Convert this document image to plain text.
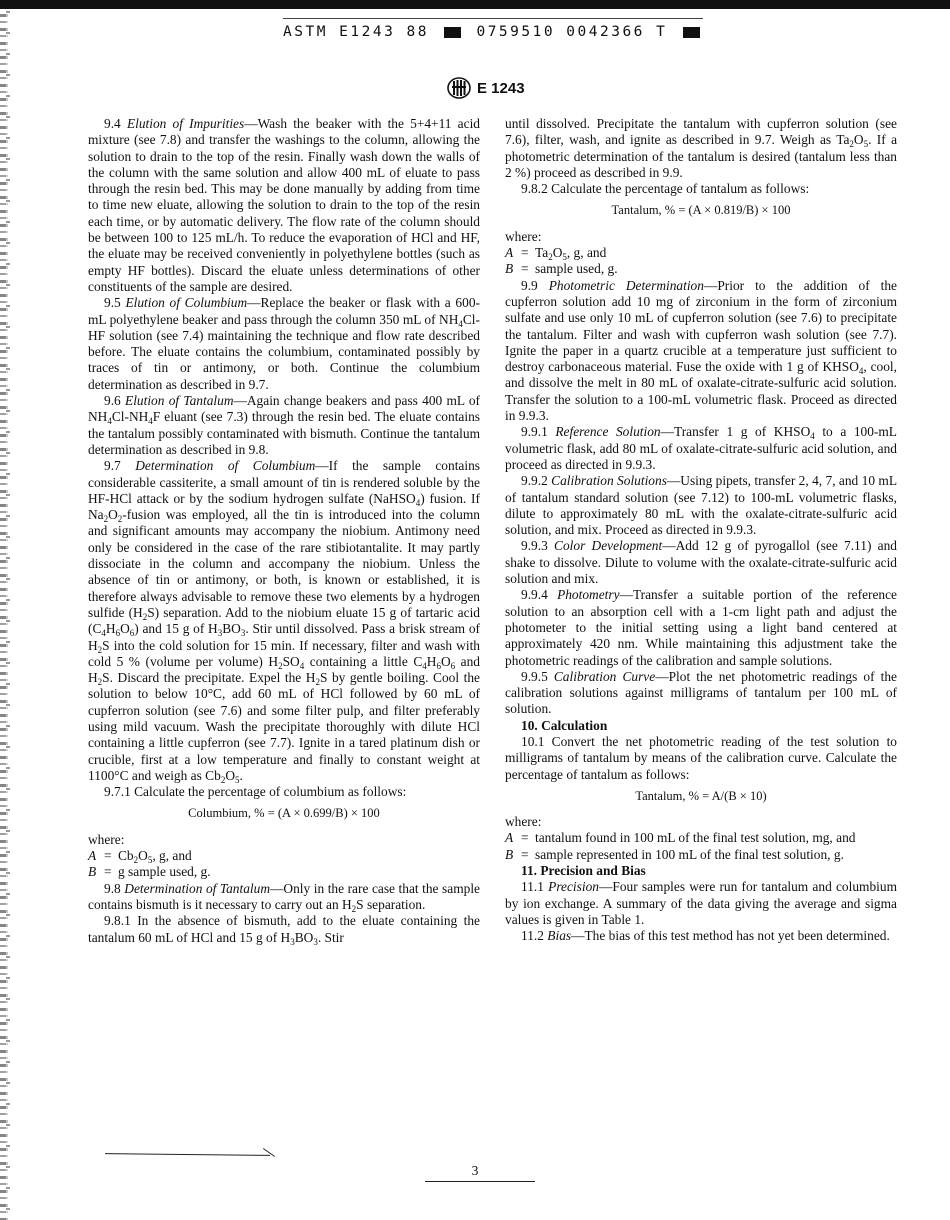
ASTM E1243 88	0759510 0042366 T
E 1243

9.4 Elution of Impurities—Wash the beaker with the 5+4+11 acid mixture (see 7.8) and transfer the washings to the column, allowing the solution to drain to the top of the resin. Finally wash down the walls of the column with the same solution and allow 400 mL of eluate to pass through the resin bed. This may be done manually by adding from time to time new eluate, allowing the solution to drain to the top of the resin each time, or by automatic delivery. The flow rate of the column should be between 100 to 125 mL/h. To reduce the evaporation of HCl and HF, the eluate may be received conveniently in polyethylene bottles (such as empty HF bottles). Discard the eluate unless determinations of other constituents of the sample are desired.

9.5 Elution of Columbium—Replace the beaker or flask with a 600-mL polyethylene beaker and pass through the column 350 mL of $NH_4Cl-HF$ solution (see 7.4) maintaining the technique and flow rate described before. The eluate contains the columbium, contaminated possibly by traces of tin or antimony, or both. Continue the columbium determination as described in 9.7.

9.6 Elution of Tantalum—Again change beakers and pass 400 mL of $NH_4Cl-NH_4F$ eluant (see 7.3) through the resin bed. The eluate contains the tantalum possibly contaminated with bismuth. Continue the tantalum determination as described in 9.8.

9.7 Determination of Columbium—If the sample contains considerable cassiterite, a small amount of tin is rendered soluble by the HF-HCl attack or by the sodium hydrogen sulfate (NaHSO$_4$) fusion. If $Na_2O_2$-fusion was employed, all the tin is introduced into the column and significant amounts may accompany the niobium. Antimony need only be considered in the case of the rare stibiotantalite. It may partly dissociate in the column and accompany the niobium. Unless the absence of tin or antimony, or both, is known or established, it is therefore always advisable to remove these two elements by a hydrogen sulfide $(H_2S)$ separation. Add to the niobium eluate 15 g of tartaric acid $(C_4H_6O_6)$ and 15 g of $H_3BO_3$. Stir until dissolved. Pass a brisk stream of $H_2S$ into the cold solution for 15 min. If necessary, filter and wash with cold 5 % (volume per volume) $H_2SO_4$ containing a little $C_4H_6O_6$ and $H_2S$. Discard the precipitate. Expel the $H_2S$ by gentle boiling. Cool the solution to below 10°C, add 60 mL of HCl followed by 60 mL of cupferron solution (see 7.6) and some filter pulp, and filter preferably using mild vacuum. Wash the precipitate thoroughly with dilute HCl containing a little cupferron (see 7.7). Ignite in a tared platinum dish or crucible, first at a low temperature and finally to constant weight at 1100°C and weigh as $Cb_2O_5$.

9.7.1 Calculate the percentage of columbium as follows:

Columbium, % = (A × 0.699/B) × 100

where:

$A = Cb_2O_5$, g, and
B = g sample used, g.

9.8 Determination of Tantalum—Only in the rare case that the sample contains bismuth is it necessary to carry out an $H_2S$ separation.

9.8.1 In the absence of bismuth, add to the eluate containing the tantalum 60 mL of HCl and 15 g of $H_3BO_3$. Stir

until dissolved. Precipitate the tantalum with cupferron solution (see 7.6), filter, wash, and ignite as described in 9.7. Weigh as $Ta_2O_5$. If a photometric determination of the tantalum is desired (tantalum less than 2 %) proceed as described in 9.9.

9.8.2 Calculate the percentage of tantalum as follows:

Tantalum, % = (A × 0.819/B) × 100

where:

$A = Ta_2O_5$, g, and
B = sample used, g.

9.9 Photometric Determination—Prior to the addition of the cupferron solution add 10 mg of zirconium in the form of zirconium sulfate and use only 10 mL of cupferron solution (see 7.6) to precipitate the tantalum. Filter and wash with cupferron wash solution (see 7.7). Ignite the paper in a quartz crucible at a temperature just sufficient to destroy carbonaceous material. Fuse the oxide with 1 g of $KHSO_4$, cool, and dissolve the melt in 80 mL of oxalate-citrate-sulfuric acid solution. Transfer the solution to a 100-mL volumetric flask. Proceed as directed in 9.9.3.

9.9.1 Reference Solution—Transfer 1 g of $KHSO_4$ to a 100-mL volumetric flask, add 80 mL of oxalate-citrate-sulfuric acid solution, and proceed as directed in 9.9.3.

9.9.2 Calibration Solutions—Using pipets, transfer 2, 4, 7, and 10 mL of tantalum standard solution (see 7.12) to 100-mL volumetric flasks, dilute to approximately 80 mL with the oxalate-citrate-sulfuric acid solution, and mix. Proceed as directed in 9.9.3.

9.9.3 Color Development—Add 12 g of pyrogallol (see 7.11) and shake to dissolve. Dilute to volume with the oxalate-citrate-sulfuric acid solution and mix.

9.9.4 Photometry—Transfer a suitable portion of the reference solution to an absorption cell with a 1-cm light path and adjust the photometer to the initial setting using a light band centered at approximately 420 nm. While maintaining this adjustment take the photometric readings of the calibration and sample solutions.

9.9.5 Calibration Curve—Plot the net photometric readings of the calibration solutions against milligrams of tantalum per 100 mL of solution.

10. Calculation

10.1 Convert the net photometric reading of the test solution to milligrams of tantalum by means of the calibration curve. Calculate the percentage of tantalum as follows:

Tantalum, % = A/(B × 10)

where:

A = tantalum found in 100 mL of the final test solution, mg, and
B = sample represented in 100 mL of the final test solution, g.

11. Precision and Bias

11.1 Precision—Four samples were run for tantalum and columbium by ion exchange. A summary of the data giving the average and sigma values is given in Table 1.

11.2 Bias—The bias of this test method has not yet been determined.

3
